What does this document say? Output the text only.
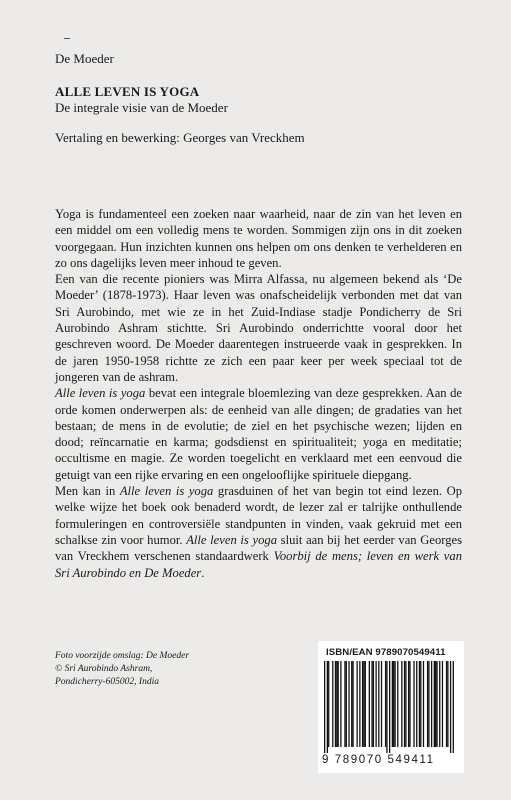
De Moeder
ALLE LEVEN IS YOGA
De integrale visie van de Moeder
Vertaling en bewerking: Georges van Vreckhem

Yoga is fundamenteel een zoeken naar waarheid, naar de zin van het leven en een middel om een volledig mens te worden. Sommigen zijn ons in dit zoeken voorgegaan. Hun inzichten kunnen ons helpen om ons denken te verhelderen en zo ons dagelijks leven meer inhoud te geven.

Een van die recente pioniers was Mirra Alfassa, nu algemeen bekend als ‘De Moeder’ (1878-1973). Haar leven was onafscheidelijk verbonden met dat van Sri Aurobindo, met wie ze in het Zuid-Indiase stadje Pondicherry de Sri Aurobindo Ashram stichtte. Sri Aurobindo onderrichtte vooral door het geschreven woord. De Moeder daarentegen instrueerde vaak in gesprekken. In de jaren 1950-1958 richtte ze zich een paar keer per week speciaal tot de jongeren van de ashram.

Alle leven is yoga bevat een integrale bloemlezing van deze gesprekken. Aan de orde komen onderwerpen als: de eenheid van alle dingen; de gradaties van het bestaan; de mens in de evolutie; de ziel en het psychische wezen; lijden en dood; reïncarnatie en karma; godsdienst en spiritualiteit; yoga en meditatie; occultisme en magie. Ze worden toegelicht en verklaard met een eenvoud die getuigt van een rijke ervaring en een ongelooflijke spirituele diepgang.

Men kan in Alle leven is yoga grasduinen of het van begin tot eind lezen. Op welke wijze het boek ook benaderd wordt, de lezer zal er talrijke onthullende formuleringen en controversiële standpunten in vinden, vaak gekruid met een schalkse zin voor humor. Alle leven is yoga sluit aan bij het eerder van Georges van Vreckhem verschenen standaardwerk Voorbij de mens; leven en werk van Sri Aurobindo en De Moeder.

Foto voorzijde omslag: De Moeder
© Sri Aurobindo Ashram,
Pondicherry-605002, India
ISBN/EAN 9789070549411
9 789070 549411
